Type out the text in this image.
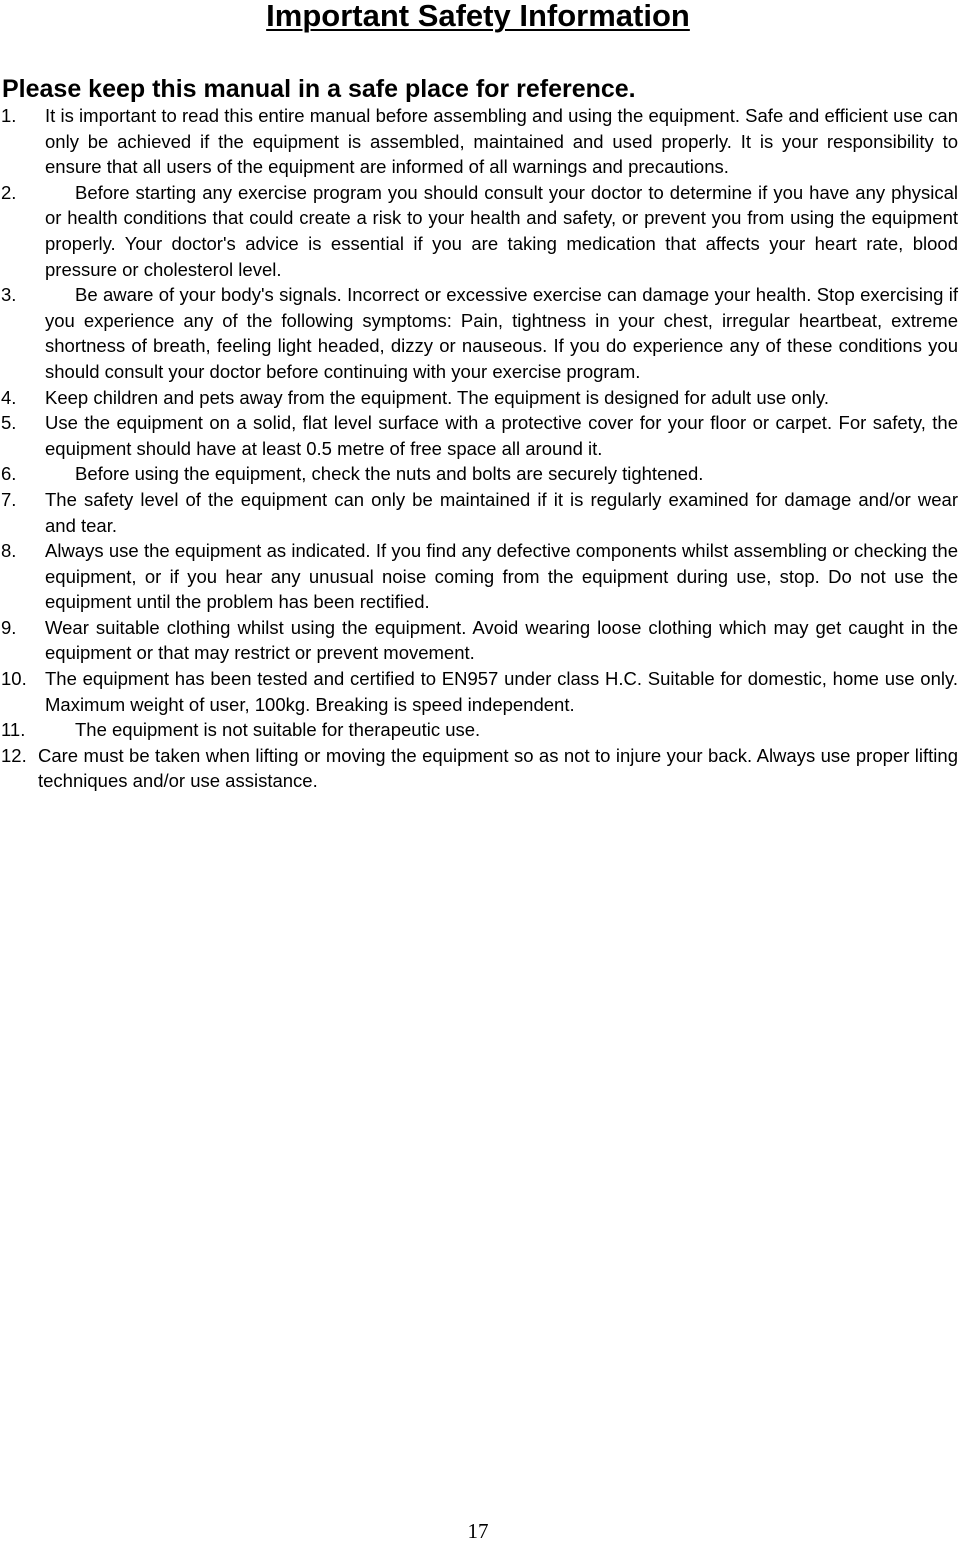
Important Safety Information
Please keep this manual in a safe place for reference.
1. It is important to read this entire manual before assembling and using the equipment. Safe and efficient use can only be achieved if the equipment is assembled, maintained and used properly. It is your responsibility to ensure that all users of the equipment are informed of all warnings and precautions.
2.	Before starting any exercise program you should consult your doctor to determine if you have any physical or health conditions that could create a risk to your health and safety, or prevent you from using the equipment properly. Your doctor's advice is essential if you are taking medication that affects your heart rate, blood pressure or cholesterol level.
3.	Be aware of your body's signals. Incorrect or excessive exercise can damage your health. Stop exercising if you experience any of the following symptoms: Pain, tightness in your chest, irregular heartbeat, extreme shortness of breath, feeling light headed, dizzy or nauseous. If you do experience any of these conditions you should consult your doctor before continuing with your exercise program.
4. Keep children and pets away from the equipment. The equipment is designed for adult use only.
5. Use the equipment on a solid, flat level surface with a protective cover for your floor or carpet. For safety, the equipment should have at least 0.5 metre of free space all around it.
6.	Before using the equipment, check the nuts and bolts are securely tightened.
7. The safety level of the equipment can only be maintained if it is regularly examined for damage and/or wear and tear.
8. Always use the equipment as indicated. If you find any defective components whilst assembling or checking the equipment, or if you hear any unusual noise coming from the equipment during use, stop. Do not use the equipment until the problem has been rectified.
9. Wear suitable clothing whilst using the equipment. Avoid wearing loose clothing which may get caught in the equipment or that may restrict or prevent movement.
10. The equipment has been tested and certified to EN957 under class H.C. Suitable for domestic, home use only. Maximum weight of user, 100kg. Breaking is speed independent.
11.	The equipment is not suitable for therapeutic use.
12. Care must be taken when lifting or moving the equipment so as not to injure your back. Always use proper lifting techniques and/or use assistance.
17
